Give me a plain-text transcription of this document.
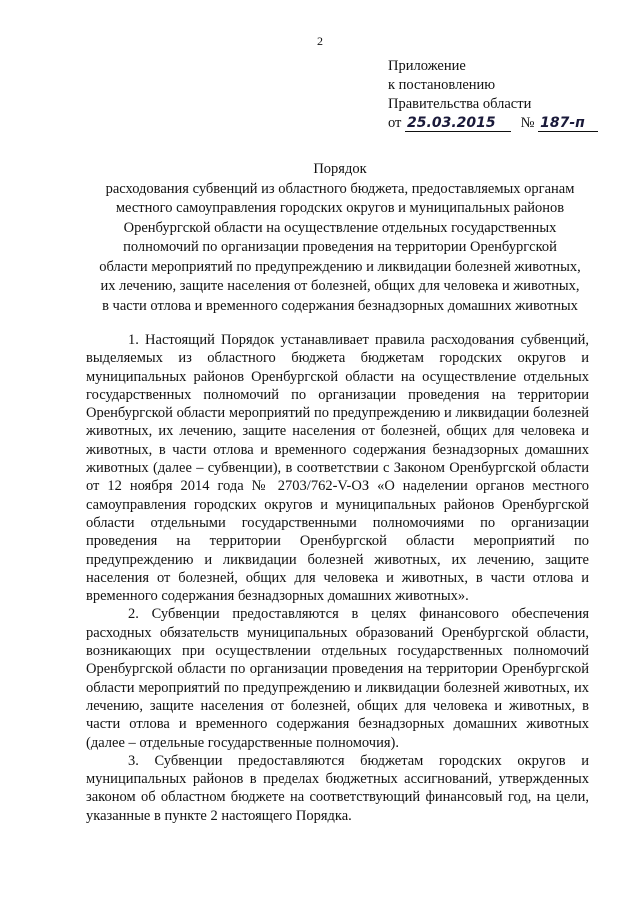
2
Приложение
к постановлению
Правительства области
от 25.03.2015 № 187-п
Порядок
расходования субвенций из областного бюджета, предоставляемых органам
местного самоуправления городских округов и муниципальных районов
Оренбургской области на осуществление отдельных государственных
полномочий по организации проведения на территории Оренбургской
области мероприятий по предупреждению и ликвидации болезней животных,
их лечению, защите населения от болезней, общих для человека и животных,
в части отлова и временного содержания безнадзорных домашних животных

1. Настоящий Порядок устанавливает правила расходования субвенций, выделяемых из областного бюджета бюджетам городских округов и муниципальных районов Оренбургской области на осуществление отдельных государственных полномочий по организации проведения на территории Оренбургской области мероприятий по предупреждению и ликвидации болезней животных, их лечению, защите населения от болезней, общих для человека и животных, в части отлова и временного содержания безнадзорных домашних животных (далее – субвенции), в соответствии с Законом Оренбургской области от 12 ноября 2014 года № 2703/762-V-ОЗ «О наделении органов местного самоуправления городских округов и муниципальных районов Оренбургской области отдельными государственными полномочиями по организации проведения на территории Оренбургской области мероприятий по предупреждению и ликвидации болезней животных, их лечению, защите населения от болезней, общих для человека и животных, в части отлова и временного содержания безнадзорных домашних животных».

2. Субвенции предоставляются в целях финансового обеспечения расходных обязательств муниципальных образований Оренбургской области, возникающих при осуществлении отдельных государственных полномочий Оренбургской области по организации проведения на территории Оренбургской области мероприятий по предупреждению и ликвидации болезней животных, их лечению, защите населения от болезней, общих для человека и животных, в части отлова и временного содержания безнадзорных домашних животных (далее – отдельные государственные полномочия).

3. Субвенции предоставляются бюджетам городских округов и муниципальных районов в пределах бюджетных ассигнований, утвержденных законом об областном бюджете на соответствующий финансовый год, на цели, указанные в пункте 2 настоящего Порядка.
